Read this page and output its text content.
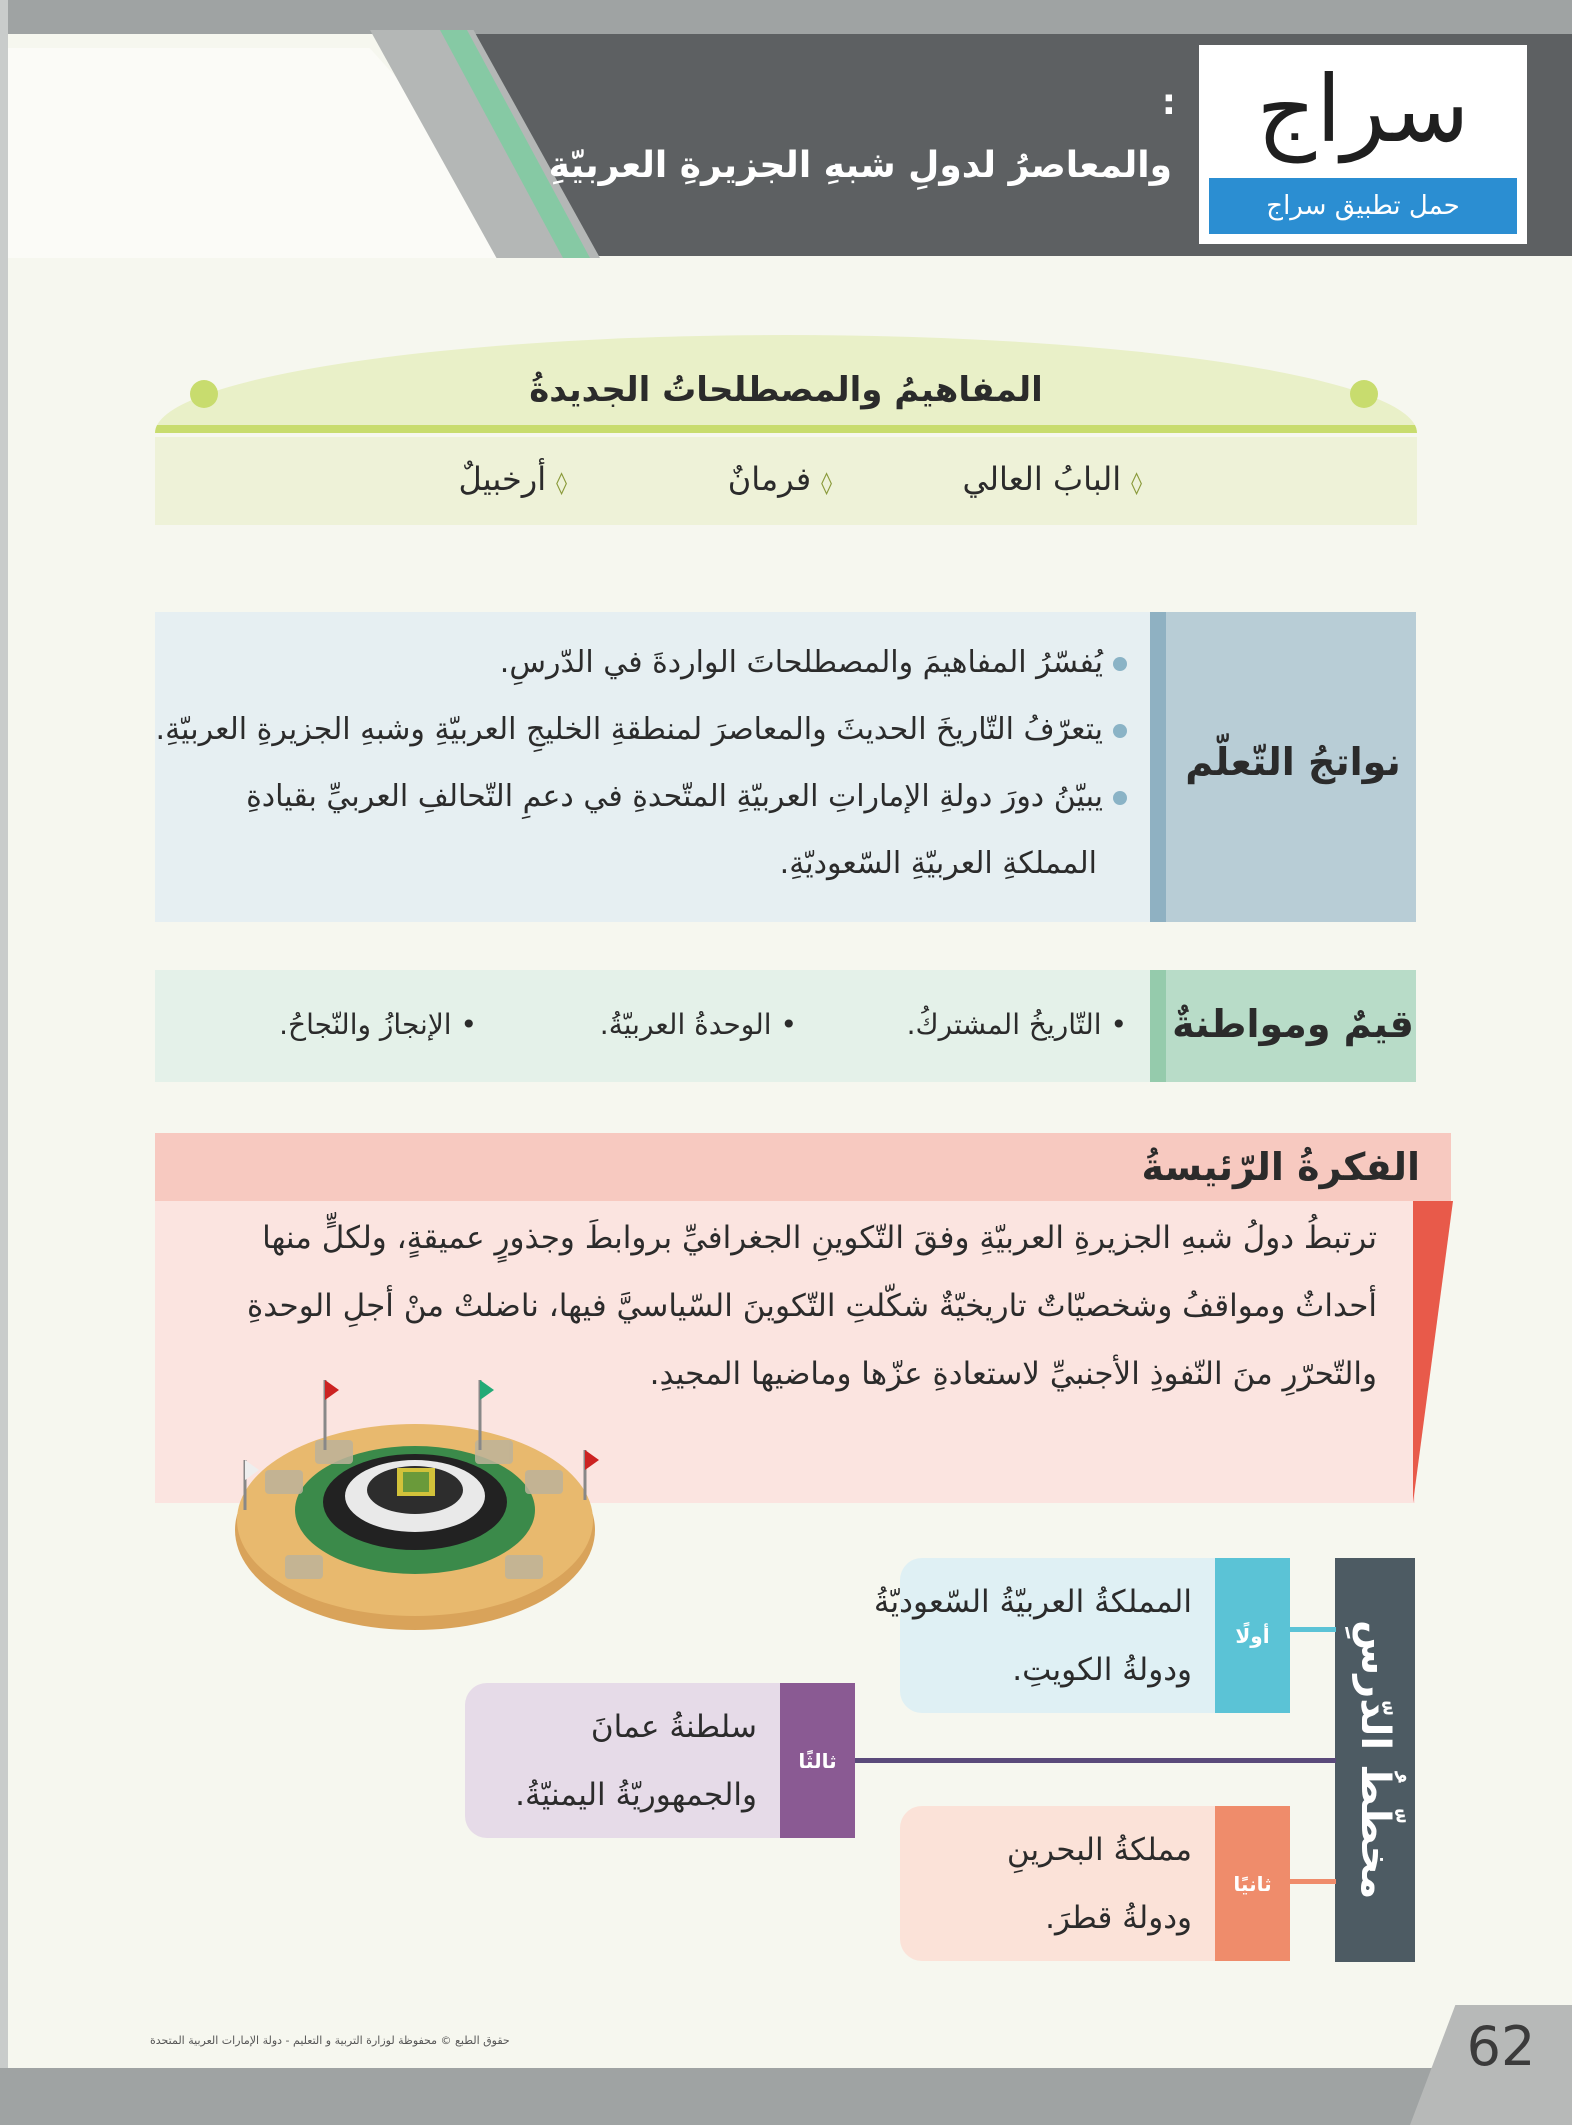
:
والمعاصرُ لدولِ شبهِ الجزيرةِ العربيّةِ
سراج
حمل تطبيق سراج
المفاهيمُ والمصطلحاتُ الجديدةُ
◊البابُ العالي
◊فرمانٌ
◊أرخبيلٌ
نواتجُ التّعلّم
يُفسّرُ المفاهيمَ والمصطلحاتَ الواردةَ في الدّرسِ.
يتعرّفُ التّاريخَ الحديثَ والمعاصرَ لمنطقةِ الخليجِ العربيّةِ وشبهِ الجزيرةِ العربيّةِ.
يبيّنُ دورَ دولةِ الإماراتِ العربيّةِ المتّحدةِ في دعمِ التّحالفِ العربيِّ بقيادةِ
المملكةِ العربيّةِ السّعوديّةِ.
قيمٌ ومواطنةٌ
• التّاريخُ المشتركُ.
• الوحدةُ العربيّةُ.
• الإنجازُ والنّجاحُ.
الفكرةُ الرّئيسةُ
ترتبطُ دولُ شبهِ الجزيرةِ العربيّةِ وفقَ التّكوينِ الجغرافيِّ بروابطَ وجذورٍ عميقةٍ، ولكلٍّ منها
أحداثٌ ومواقفُ وشخصيّاتٌ تاريخيّةٌ شكّلتِ التّكوينَ السّياسيَّ فيها، ناضلتْ منْ أجلِ الوحدةِ
والتّحرّرِ منَ النّفوذِ الأجنبيِّ لاستعادةِ عزّها وماضيها المجيدِ.
مخطّطُ الدّرسِ
أولًا
المملكةُ العربيّةُ السّعوديّةُ
ودولةُ الكويتِ.
ثالثًا
سلطنةُ عمانَ
والجمهوريّةُ اليمنيّةُ.
ثانيًا
مملكةُ البحرينِ
ودولةُ قطرَ.
62
حقوق الطبع © محفوظة لوزارة التربية و التعليم - دولة الإمارات العربية المتحدة
